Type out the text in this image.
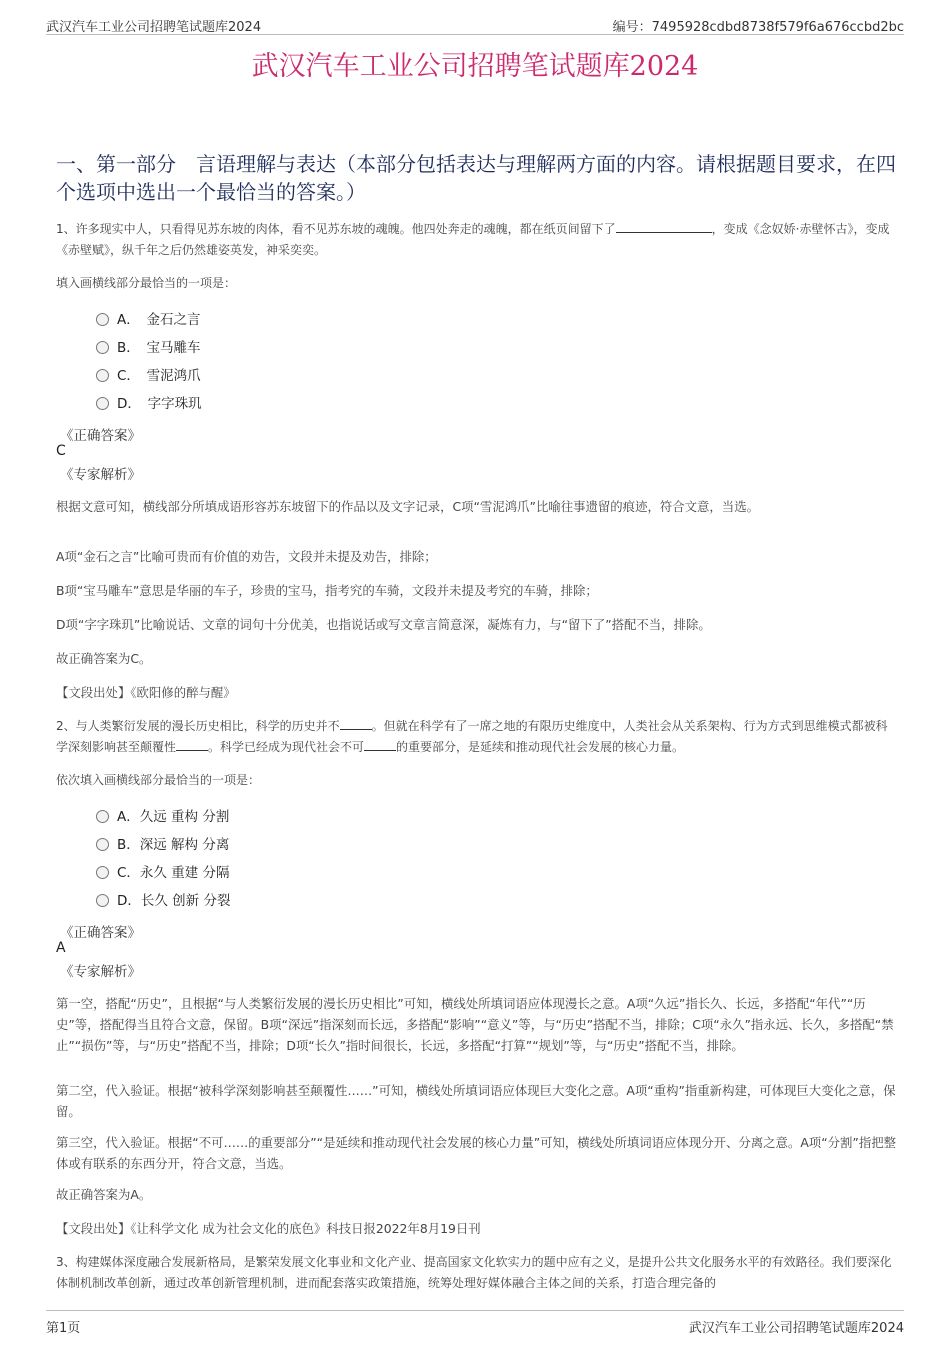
武汉汽车工业公司招聘笔试题库2024	编号：7495928cdbd8738f579f6a676ccbd2bc
武汉汽车工业公司招聘笔试题库2024
一、第一部分　言语理解与表达（本部分包括表达与理解两方面的内容。请根据题目要求，在四个选项中选出一个最恰当的答案。）
1、许多现实中人，只看得见苏东坡的肉体，看不见苏东坡的魂魄。他四处奔走的魂魄，都在纸页间留下了	，变成《念奴娇·赤壁怀古》，变成《赤壁赋》，纵千年之后仍然雄姿英发，神采奕奕。
填入画横线部分最恰当的一项是：
A．　金石之言
B．　宝马雕车
C．　雪泥鸿爪
D．　字字珠玑
《正确答案》
C
《专家解析》
根据文意可知，横线部分所填成语形容苏东坡留下的作品以及文字记录，C项“雪泥鸿爪”比喻往事遗留的痕迹，符合文意，当选。
A项“金石之言”比喻可贵而有价值的劝告，文段并未提及劝告，排除；
B项“宝马雕车”意思是华丽的车子，珍贵的宝马，指考究的车骑，文段并未提及考究的车骑，排除；
D项“字字珠玑”比喻说话、文章的词句十分优美，也指说话或写文章言简意深，凝炼有力，与“留下了”搭配不当，排除。
故正确答案为C。
【文段出处】《欧阳修的醉与醒》
2、与人类繁衍发展的漫长历史相比，科学的历史并不	。但就在科学有了一席之地的有限历史维度中，人类社会从关系架构、行为方式到思维模式都被科学深刻影响甚至颠覆性	。科学已经成为现代社会不可	的重要部分，是延续和推动现代社会发展的核心力量。
依次填入画横线部分最恰当的一项是：
A．久远 重构 分割
B．深远 解构 分离
C．永久 重建 分隔
D．长久 创新 分裂
《正确答案》
A
《专家解析》
第一空，搭配“历史”，且根据“与人类繁衍发展的漫长历史相比”可知，横线处所填词语应体现漫长之意。A项“久远”指长久、长远，多搭配“年代”“历史”等，搭配得当且符合文意，保留。B项“深远”指深刻而长远，多搭配“影响”“意义”等，与“历史”搭配不当，排除；C项“永久”指永远、长久，多搭配“禁止”“损伤”等，与“历史”搭配不当，排除；D项“长久”指时间很长，长远，多搭配“打算”“规划”等，与“历史”搭配不当，排除。
第二空，代入验证。根据“被科学深刻影响甚至颠覆性……”可知，横线处所填词语应体现巨大变化之意。A项“重构”指重新构建，可体现巨大变化之意，保留。
第三空，代入验证。根据“不可……的重要部分”“是延续和推动现代社会发展的核心力量”可知，横线处所填词语应体现分开、分离之意。A项“分割”指把整体或有联系的东西分开，符合文意，当选。
故正确答案为A。
【文段出处】《让科学文化 成为社会文化的底色》科技日报2022年8月19日刊
3、构建媒体深度融合发展新格局，是繁荣发展文化事业和文化产业、提高国家文化软实力的题中应有之义，是提升公共文化服务水平的有效路径。我们要深化体制机制改革创新，通过改革创新管理机制，进而配套落实政策措施，统筹处理好媒体融合主体之间的关系，打造合理完备的
第1页	武汉汽车工业公司招聘笔试题库2024
